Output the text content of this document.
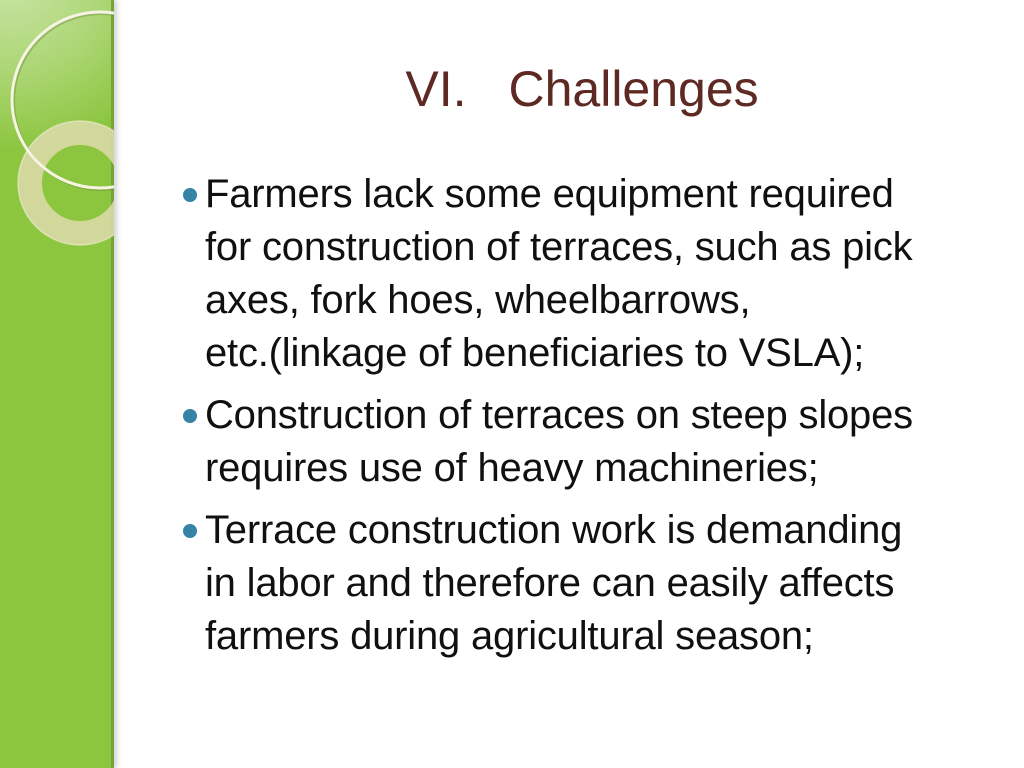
VI. Challenges
Farmers lack some equipment required
for construction of terraces, such as pick
axes, fork hoes, wheelbarrows,
etc.(linkage of beneficiaries to VSLA);
Construction of terraces on steep slopes
requires use of heavy machineries;
Terrace construction work is demanding
in labor and therefore can easily affects
farmers during agricultural season;
